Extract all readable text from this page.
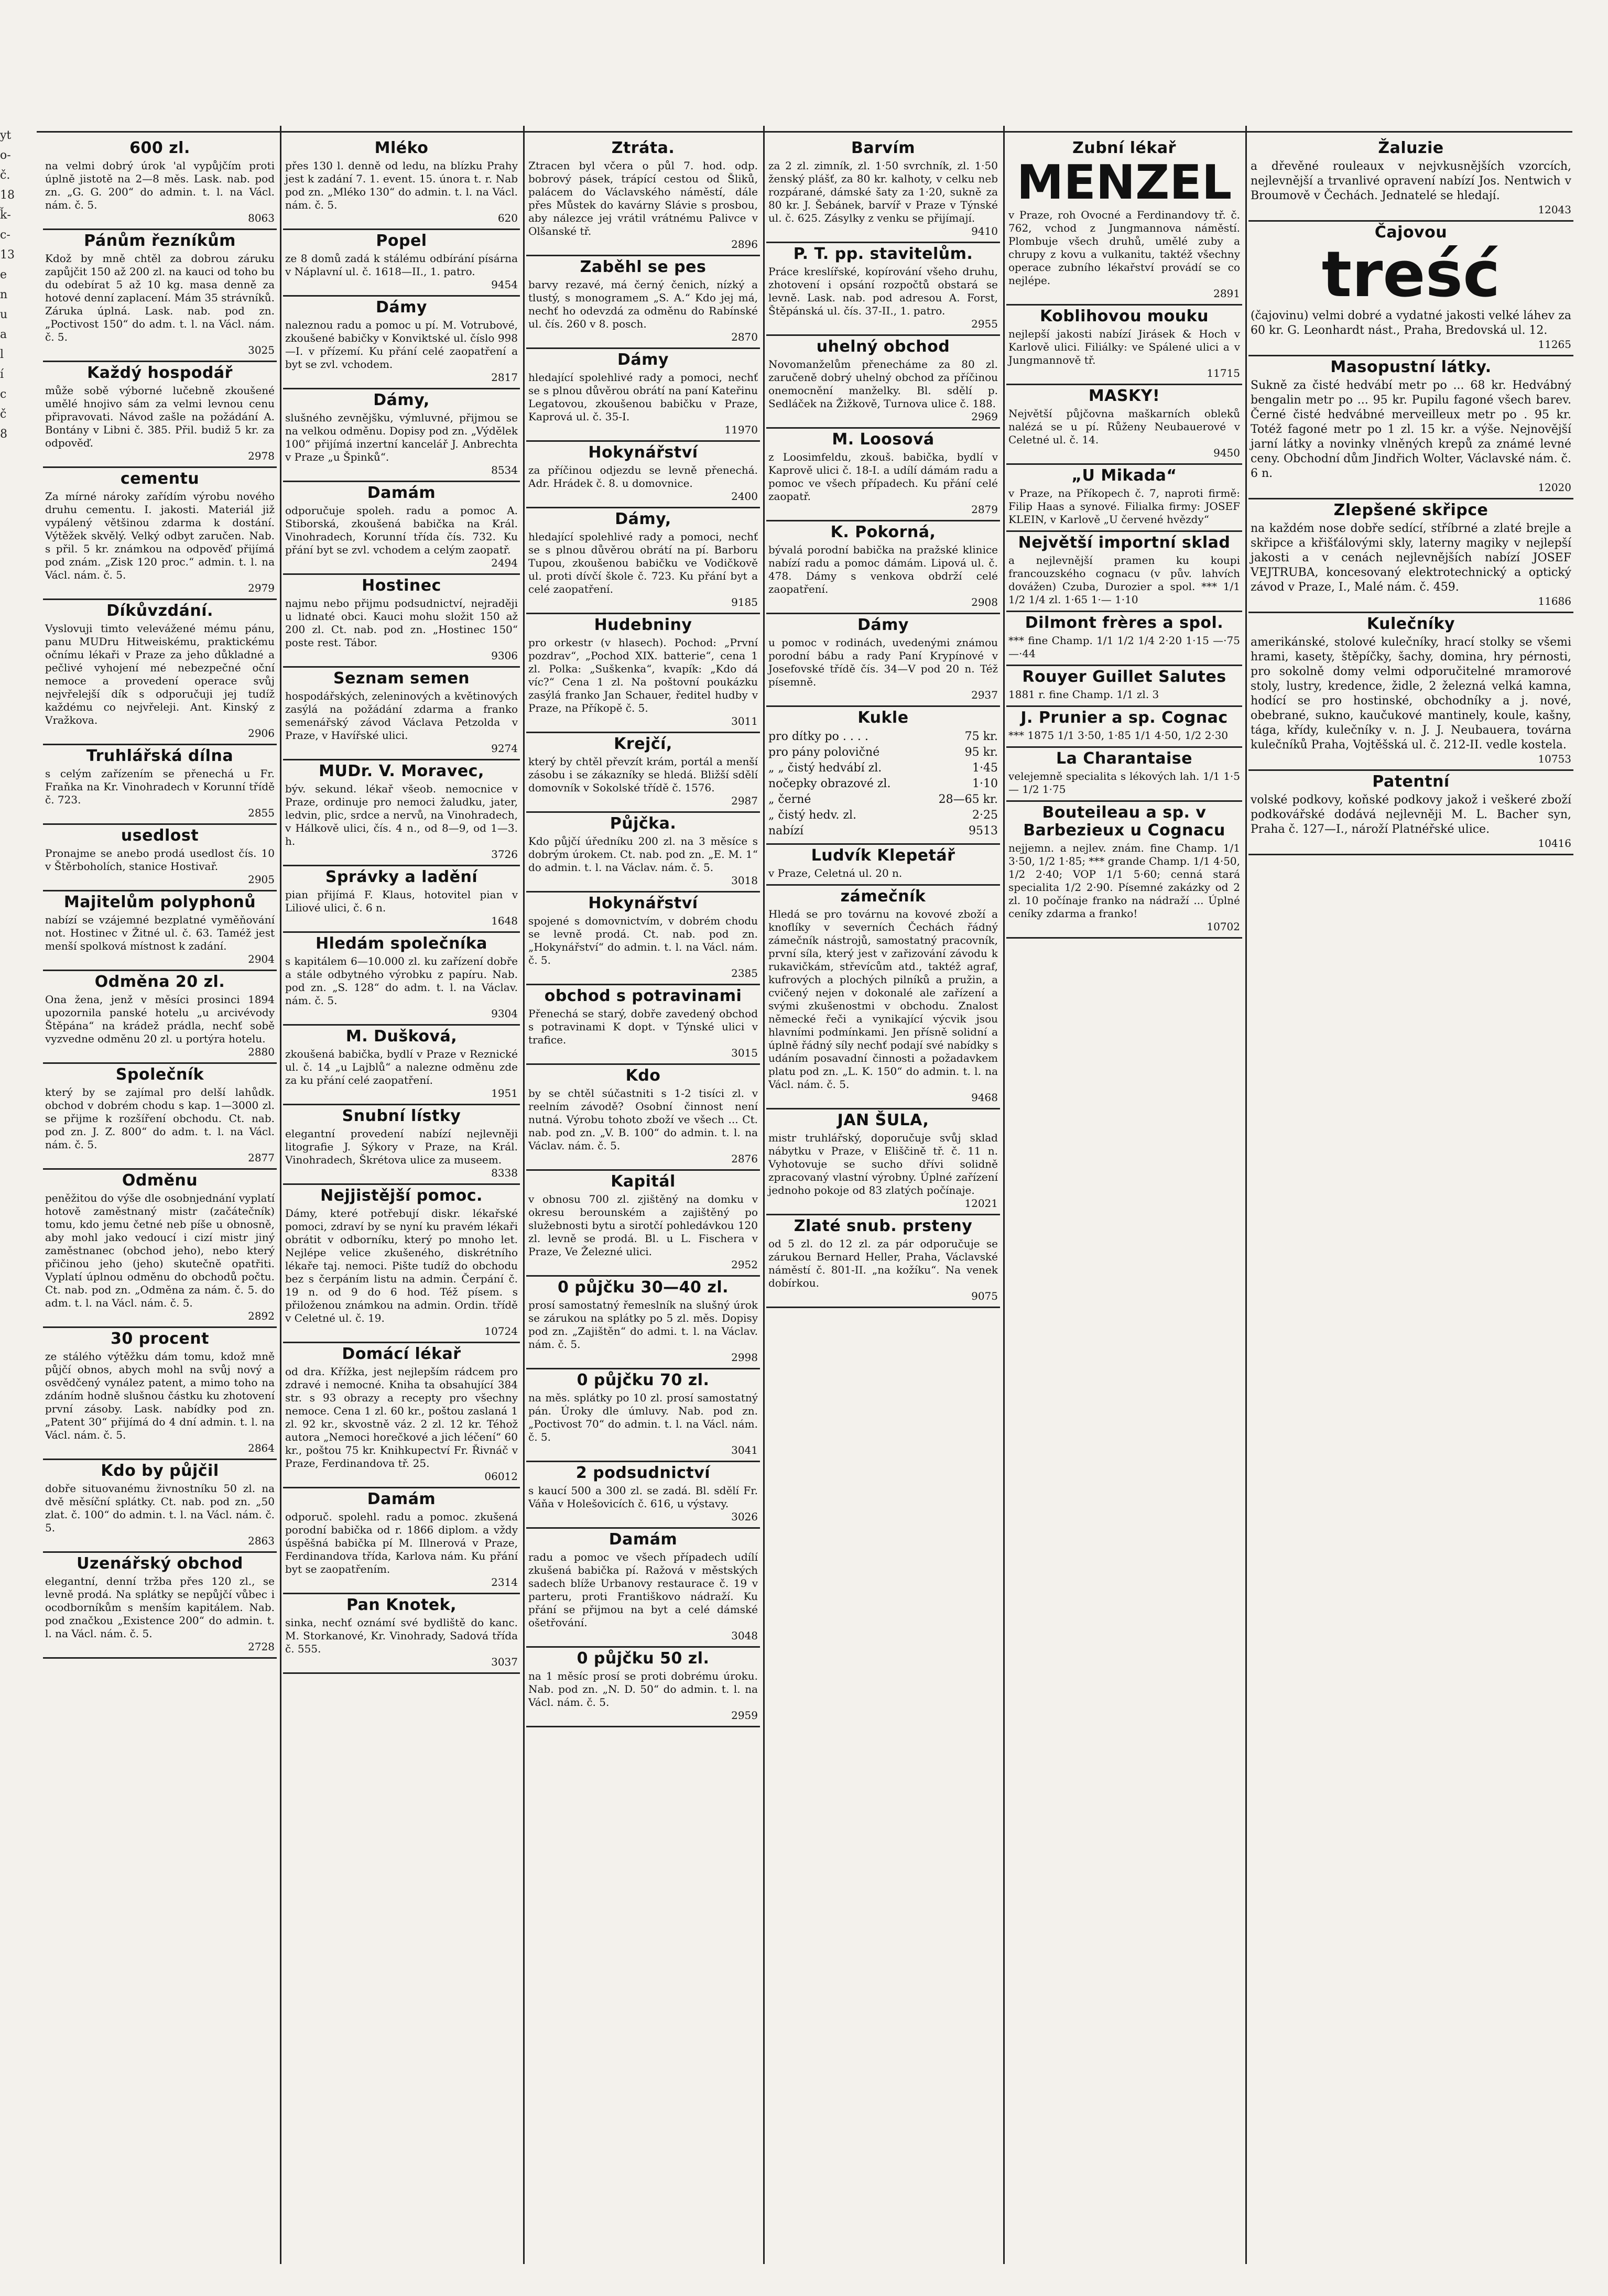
yt
o-
č.
18
ǩ-
c-
13
e
n
u
a
l
í
c
č
8
600 zl.

na velmi dobrý úrok 'al vypůjčím proti úplně jistotě na 2—8 měs. Lask. nab. pod zn. „G. G. 200“ do admin. t. l. na Václ. nám. č. 5.

8063
Pánům řezníkům

Kdož by mně chtěl za dobrou záruku zapůjčit 150 až 200 zl. na kauci od toho bu du odebírat 5 až 10 kg. masa denně za hotové denní zaplacení. Mám 35 strávníků. Záruka úplná. Lask. nab. pod zn. „Poctivost 150“ do adm. t. l. na Václ. nám. č. 5.

3025
Každý hospodář

může sobě výborné lučebně zkoušené umělé hnojivo sám za velmi levnou cenu připravovati. Návod zašle na požádání A. Bontány v Libni č. 385. Přil. budiž 5 kr. za odpověď.

2978
cementu

Za mírné nároky zařídím výrobu nového druhu cementu. I. jakosti. Materiál již vypálený většinou zdarma k dostání. Výtěžek skvělý. Velký odbyt zaručen. Nab. s přil. 5 kr. známkou na odpověď přijímá pod znám. „Zisk 120 proc.“ admin. t. l. na Václ. nám. č. 5.

2979
Díkůvzdání.

Vyslovuji timto velevážené mému pánu, panu MUDru Hitweiskému, praktickému očnímu lékaři v Praze za jeho důkladné a pečlivé vyhojení mé nebezpečné oční nemoce a provedení operace svůj nejvřelejší dík s odporučuji jej tudíž každému co nejvřeleji. Ant. Kinský z Vražkova.

2906
Truhlářská dílna

s celým zařízením se přenechá u Fr. Fraňka na Kr. Vinohradech v Korunní třídě č. 723.

2855
usedlost

Pronajme se anebo prodá usedlost čís. 10 v Štěrboholích, stanice Hostivař.

2905
Majitelům polyphonů

nabízí se vzájemné bezplatné vyměňování not. Hostinec v Žitné ul. č. 63. Taméž jest menší spolková místnost k zadání.

2904
Odměna 20 zl.

Ona žena, jenž v měsíci prosinci 1894 upozornila panské hotelu „u arcivévody Štěpána“ na krádež prádla, nechť sobě vyzvedne odměnu 20 zl. u portýra hotelu.

2880
Společník

který by se zajímal pro delší lahůdk. obchod v dobrém chodu s kap. 1—3000 zl. se přijme k rozšíření obchodu. Ct. nab. pod zn. J. Z. 800“ do adm. t. l. na Václ. nám. č. 5.

2877
Odměnu

peněžitou do výše dle osobnjednání vyplatí hotově zaměstnaný mistr (začátečník) tomu, kdo jemu četné neb píše u obnosně, aby mohl jako vedoucí i cizí mistr jiný zaměstnanec (obchod jeho), nebo který přičinou jeho (jeho) skutečně opatřiti. Vyplatí úplnou odměnu do obchodů počtu. Ct. nab. pod zn. „Odměna za nám. č. 5. do adm. t. l. na Václ. nám. č. 5.

2892
30 procent

ze stálého výtěžku dám tomu, kdož mně půjčí obnos, abych mohl na svůj nový a osvědčený vynález patent, a mimo toho na zdáním hodně slušnou částku ku zhotovení první zásoby. Lask. nabídky pod zn. „Patent 30“ přijímá do 4 dní admin. t. l. na Václ. nám. č. 5.

2864
Kdo by půjčil

dobře situovanému živnostníku 50 zl. na dvě měsíční splátky. Ct. nab. pod zn. „50 zlat. č. 100“ do admin. t. l. na Václ. nám. č. 5.

2863
Uzenářský obchod

elegantní, denní tržba přes 120 zl., se levně prodá. Na splátky se nepůjčí vůbec i ocodborníkům s menším kapitálem. Nab. pod značkou „Existence 200“ do admin. t. l. na Václ. nám. č. 5.

2728
Mléko

přes 130 l. denně od ledu, na blízku Prahy jest k zadání 7. 1. event. 15. února t. r. Nab pod zn. „Mléko 130“ do admin. t. l. na Václ. nám. č. 5.

620
Popel

ze 8 domů zadá k stálému odbírání písárna v Náplavní ul. č. 1618—II., 1. patro.

9454
Dámy

naleznou radu a pomoc u pí. M. Votrubové, zkoušené babičky v Konviktské ul. číslo 998—I. v přízemí. Ku přání celé zaopatření a byt se zvl. vchodem.

2817
Dámy,

slušného zevnějšku, výmluvné, přijmou se na velkou odměnu. Dopisy pod zn. „Výdělek 100“ přijímá inzertní kancelář J. Anbrechta v Praze „u Špinků“.

8534
Damám

odporučuje spoleh. radu a pomoc A. Stiborská, zkoušená babička na Král. Vinohradech, Korunní třída čís. 732. Ku přání byt se zvl. vchodem a celým zaopatř.

2494
Hostinec

najmu nebo přijmu podsudnictví, nejraději u lidnaté obci. Kauci mohu složit 150 až 200 zl. Ct. nab. pod zn. „Hostinec 150“ poste rest. Tábor.

9306
Seznam semen

hospodářských, zeleninových a květinových zasýlá na požádání zdarma a franko semenářský závod Václava Petzolda v Praze, v Havířské ulici.

9274
MUDr. V. Moravec,

býv. sekund. lékař všeob. nemocnice v Praze, ordinuje pro nemoci žaludku, jater, ledvin, plic, srdce a nervů, na Vinohradech, v Hálkově ulici, čís. 4 n., od 8—9, od 1—3. h.

3726
Správky a ladění

pian přijímá F. Klaus, hotovitel pian v Liliové ulici, č. 6 n.

1648
Hledám společníka

s kapitálem 6—10.000 zl. ku zařízení dobře a stále odbytného výrobku z papíru. Nab. pod zn. „S. 128“ do adm. t. l. na Václav. nám. č. 5.

9304
M. Dušková,

zkoušená babička, bydlí v Praze v Reznické ul. č. 14 „u Lajblů“ a nalezne odměnu zde za ku přání celé zaopatření.

1951
Snubní lístky

elegantní provedení nabízí nejlevněji litografie J. Sýkory v Praze, na Král. Vinohradech, Škrétova ulice za museem.

8338
Nejjistější pomoc.

Dámy, které potřebují diskr. lékařské pomoci, zdraví by se nyní ku pravém lékaři obrátit v odborníku, který po mnoho let. Nejlépe velice zkušeného, diskrétního lékaře taj. nemoci. Pište tudíž do obchodu bez s čerpáním listu na admin. Čerpání č. 19 n. od 9 do 6 hod. Též písem. s přiloženou známkou na admin. Ordin. třídě v Celetné ul. č. 19.

10724
Domácí lékař

od dra. Křížka, jest nejlepším rádcem pro zdravé i nemocné. Kniha ta obsahující 384 str. s 93 obrazy a recepty pro všechny nemoce. Cena 1 zl. 60 kr., poštou zaslaná 1 zl. 92 kr., skvostně váz. 2 zl. 12 kr. Téhož autora „Nemoci horečkové a jich léčení“ 60 kr., poštou 75 kr. Knihkupectví Fr. Řivnáč v Praze, Ferdinandova tř. 25.

06012
Damám

odporuč. spolehl. radu a pomoc. zkušená porodní babička od r. 1866 diplom. a vždy úspěšná babička pí M. Illnerová v Praze, Ferdinandova třída, Karlova nám. Ku přání byt se zaopatřením.

2314
Pan Knotek,

sinka, nechť oznámí své bydliště do kanc. M. Storkanové, Kr. Vinohrady, Sadová třída č. 555.

3037
Ztráta.

Ztracen byl včera o půl 7. hod. odp. bobrový pásek, trápící cestou od Šliků, palácem do Václavského náměstí, dále přes Můstek do kavárny Slávie s prosbou, aby nálezce jej vrátil vrátnému Palivce v Olšanské tř.

2896
Zaběhl se pes

barvy rezavé, má černý čenich, nízký a tlustý, s monogramem „S. A.“ Kdo jej má, nechť ho odevzdá za odměnu do Rabínské ul. čís. 260 v 8. posch.

2870
Dámy

hledající spolehlivé rady a pomoci, nechť se s plnou důvěrou obrátí na paní Kateřinu Legatovou, zkoušenou babičku v Praze, Kaprová ul. č. 35-I.

11970
Hokynářství

za příčinou odjezdu se levně přenechá. Adr. Hrádek č. 8. u domovnice.

2400
Dámy,

hledající spolehlivé rady a pomoci, nechť se s plnou důvěrou obrátí na pí. Barboru Tupou, zkoušenou babičku ve Vodičkově ul. proti dívčí škole č. 723. Ku přání byt a celé zaopatření.

9185
Hudebniny

pro orkestr (v hlasech). Pochod: „První pozdrav“, „Pochod XIX. batterie“, cena 1 zl. Polka: „Suškenka“, kvapík: „Kdo dá víc?“ Cena 1 zl. Na poštovní poukázku zasýlá franko Jan Schauer, ředitel hudby v Praze, na Příkopě č. 5.

3011
Krejčí,

který by chtěl převzít krám, portál a menší zásobu i se zákazníky se hledá. Bližší sdělí domovník v Sokolské třídě č. 1576.

2987
Půjčka.

Kdo půjčí úředníku 200 zl. na 3 měsíce s dobrým úrokem. Ct. nab. pod zn. „E. M. 1“ do admin. t. l. na Václav. nám. č. 5.

3018
Hokynářství

spojené s domovnictvím, v dobrém chodu se levně prodá. Ct. nab. pod zn. „Hokynářství“ do admin. t. l. na Václ. nám. č. 5.

2385
obchod s potravinami

Přenechá se starý, dobře zavedený obchod s potravinami K dopt. v Týnské ulici v trafice.

3015
Kdo

by se chtěl súčastniti s 1-2 tisíci zl. v reelním závodě? Osobní činnost není nutná. Výrobu tohoto zboží ve všech ... Ct. nab. pod zn. „V. B. 100“ do admin. t. l. na Václav. nám. č. 5.

2876
Kapitál

v obnosu 700 zl. zjištěný na domku v okresu berounském a zajištěný po služebnosti bytu a sirotčí pohledávkou 120 zl. levně se prodá. Bl. u L. Fischera v Praze, Ve Železné ulici.

2952
0 půjčku 30—40 zl.

prosí samostatný řemeslník na slušný úrok se zárukou na splátky po 5 zl. měs. Dopisy pod zn. „Zajištěn“ do admi. t. l. na Václav. nám. č. 5.

2998
0 půjčku 70 zl.

na měs. splátky po 10 zl. prosí samostatný pán. Úroky dle úmluvy. Nab. pod zn. „Poctivost 70“ do admin. t. l. na Václ. nám. č. 5.

3041
2 podsudnictví

s kaucí 500 a 300 zl. se zadá. Bl. sdělí Fr. Váňa v Holešovicích č. 616, u výstavy.

3026
Damám

radu a pomoc ve všech případech udílí zkušená babička pí. Ražová v městských sadech blíže Urbanovy restaurace č. 19 v parteru, proti Františkovo nádraží. Ku přání se přijmou na byt a celé dámské ošetřování.

3048
0 půjčku 50 zl.

na 1 měsíc prosí se proti dobrému úroku. Nab. pod zn. „N. D. 50“ do admin. t. l. na Václ. nám. č. 5.

2959
Barvím

za 2 zl. zimník, zl. 1·50 svrchník, zl. 1·50 ženský plášť, za 80 kr. kalhoty, v celku neb rozpárané, dámské šaty za 1·20, sukně za 80 kr. J. Šebánek, barvíř v Praze v Týnské ul. č. 625. Zásylky z venku se přijímají.

9410
P. T. pp. stavitelům.

Práce kreslířské, kopírování všeho druhu, zhotovení i opsání rozpočtů obstará se levně. Lask. nab. pod adresou A. Forst, Štěpánská ul. čís. 37-II., 1. patro.

2955
uhelný obchod

Novomanželům přenecháme za 80 zl. zaručeně dobrý uhelný obchod za příčinou onemocnění manželky. Bl. sdělí p. Sedláček na Žižkově, Turnova ulice č. 188.

2969
M. Loosová

z Loosimfeldu, zkouš. babička, bydlí v Kaprově ulici č. 18-I. a udílí dámám radu a pomoc ve všech případech. Ku přání celé zaopatř.

2879
K. Pokorná,

bývalá porodní babička na pražské klinice nabízí radu a pomoc dámám. Lipová ul. č. 478. Dámy s venkova obdrží celé zaopatření.

2908
Dámy

u pomoc v rodinách, uvedenými známou porodní bábu a rady Paní Krypínové v Josefovské třídě čís. 34—V pod 20 n. Též písemně.

2937
Kukle
pro dítky po . . . .	75 kr.
pro pány polovičné	95 kr.
„ „ čistý hedvábí zl.	1·45
nočepky obrazové zl.	1·10
„ černé	28—65 kr.
„ čistý hedv. zl.	2·25
nabízí	9513
Ludvík Klepetář

v Praze, Celetná ul. 20 n.

zámečník

Hledá se pro továrnu na kovové zboží a knoflíky v severních Čechách řádný zámečník nástrojů, samostatný pracovník, první síla, který jest v zařizování závodu k rukavičkám, střevícům atd., taktéž agraf, kufrových a plochých pilníků a pružin, a cvičený nejen v dokonalé ale zařízení a svými zkušenostmi v obchodu. Znalost německé řeči a vynikající výcvik jsou hlavními podmínkami. Jen přísně solidní a úplně řádný síly nechť podají své nabídky s udáním posavadní činnosti a požadavkem platu pod zn. „L. K. 150“ do admin. t. l. na Václ. nám. č. 5.

9468
JAN ŠULA,

mistr truhlářský, doporučuje svůj sklad nábytku v Praze, v Eliščině tř. č. 11 n. Vyhotovuje se sucho dřívi solidně zpracovaný vlastní výrobny. Úplné zařízení jednoho pokoje od 83 zlatých počínaje.

12021
Zlaté snub. prsteny

od 5 zl. do 12 zl. za pár odporučuje se zárukou Bernard Heller, Praha, Václavské náměstí č. 801-II. „na kožíku“. Na venek dobírkou.

9075
Zubní lékař
MENZEL

v Praze, roh Ovocné a Ferdinandovy tř. č. 762, vchod z Jungmannova náměstí. Plombuje všech druhů, umělé zuby a chrupy z kovu a vulkanitu, taktéž všechny operace zubního lékařství provádí se co nejlépe.

2891
Koblihovou mouku

nejlepší jakosti nabízí Jirásek & Hoch v Karlově ulici. Filiálky: ve Spálené ulici a v Jungmannově tř.

11715
MASKY!

Největší půjčovna maškarních obleků nalézá se u pí. Růženy Neubauerové v Celetné ul. č. 14.

9450
„U Mikada“

v Praze, na Příkopech č. 7, naproti firmě: Filip Haas a synové. Filialka firmy: JOSEF KLEIN, v Karlově „U červené hvězdy“

Největší importní sklad

a nejlevnější pramen ku koupi francouzského cognacu (v pův. lahvích dovážen) Czuba, Durozier a spol. *** 1/1 1/2 1/4 zl. 1·65 1·— 1·10

Dilmont frères a spol.

*** fine Champ. 1/1 1/2 1/4 2·20 1·15 —·75 —·44

Rouyer Guillet Salutes

1881 r. fine Champ. 1/1 zl. 3

J. Prunier a sp. Cognac

*** 1875 1/1 3·50, 1·85 1/1 4·50, 1/2 2·30

La Charantaise

velejemně specialita s lékových lah. 1/1 1·5— 1/2 1·75

Bouteileau a sp. v Barbezieux u Cognacu

nejjemn. a nejlev. znám. fine Champ. 1/1 3·50, 1/2 1·85; *** grande Champ. 1/1 4·50, 1/2 2·40; VOP 1/1 5·60; cenná stará specialita 1/2 2·90. Písemné zakázky od 2 zl. 10 počínaje franko na nádraží ... Úplné ceníky zdarma a franko!

10702
Žaluzie

a dřevěné rouleaux v nejvkusnějších vzorcích, nejlevnější a trvanlivé opravení nabízí Jos. Nentwich v Broumově v Čechách. Jednatelé se hledají.

12043
Čajovou
treść

(čajovinu) velmi dobré a vydatné jakosti velké láhev za 60 kr. G. Leonhardt nást., Praha, Bredovská ul. 12.

11265
Masopustní látky.

Sukně za čisté hedvábí metr po ... 68 kr. Hedvábný bengalin metr po ... 95 kr. Pupilu fagoné všech barev. Černé čisté hedvábné merveilleux metr po . 95 kr. Totéž fagoné metr po 1 zl. 15 kr. a výše. Nejnovější jarní látky a novinky vlněných krepů za známé levné ceny. Obchodní dům Jindřich Wolter, Václavské nám. č. 6 n.

12020
Zlepšené skřipce

na každém nose dobře sedící, stříbrné a zlaté brejle a skřipce a křišťálovými skly, laterny magiky v nejlepší jakosti a v cenách nejlevnějších nabízí JOSEF VEJTRUBA, koncesovaný elektrotechnický a optický závod v Praze, I., Malé nám. č. 459.

11686
Kulečníky

amerikánské, stolové kulečníky, hrací stolky se všemi hrami, kasety, štěpíčky, šachy, domina, hry pérnosti, pro sokolně domy velmi odporučitelné mramorové stoly, lustry, kredence, židle, 2 železná velká kamna, hodící se pro hostinské, obchodníky a j. nové, obebrané, sukno, kaučukové mantinely, koule, kašny, tága, křídy, kulečníky v. n. J. J. Neubauera, továrna kulečníků Praha, Vojtěšská ul. č. 212-II. vedle kostela.

10753
Patentní

volské podkovy, koňské podkovy jakož i veškeré zboží podkovářské dodává nejlevněji M. L. Bacher syn, Praha č. 127—I., nároží Platnéřské ulice.

10416
